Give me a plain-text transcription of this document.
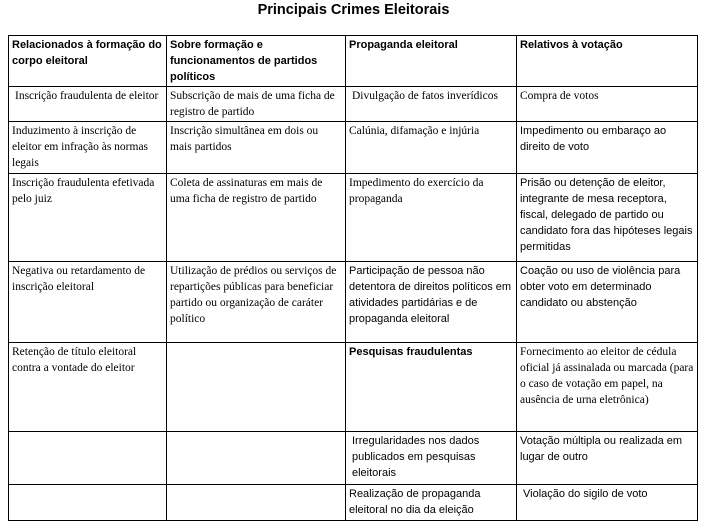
Principais Crimes Eleitorais
Relacionados à formação do corpo eleitoral	Sobre formação e funcionamentos de partidos políticos	Propaganda eleitoral	Relativos à votação
Inscrição fraudulenta de eleitor	Subscrição de mais de uma ficha de registro de partido	Divulgação de fatos inverídicos	Compra de votos
Induzimento à inscrição de eleitor em infração às normas legais	Inscrição simultânea em dois ou mais partidos	Calúnia, difamação e injúria	Impedimento ou embaraço ao direito de voto
Inscrição fraudulenta efetivada pelo juiz	Coleta de assinaturas em mais de uma ficha de registro de partido	Impedimento do exercício da propaganda	Prisão ou detenção de eleitor, integrante de mesa receptora, fiscal, delegado de partido ou candidato fora das hipóteses legais permitidas
Negativa ou retardamento de inscrição eleitoral	Utilização de prédios ou serviços de repartições públicas para beneficiar partido ou organização de caráter político	Participação de pessoa não detentora de direitos políticos em atividades partidárias e de propaganda eleitoral	Coação ou uso de violência para obter voto em determinado candidato ou abstenção
Retenção de título eleitoral contra a vontade do eleitor		Pesquisas fraudulentas	Fornecimento ao eleitor de cédula oficial já assinalada ou marcada (para o caso de votação em papel, na ausência de urna eletrônica)
		Irregularidades nos dados publicados em pesquisas eleitorais	Votação múltipla ou realizada em lugar de outro
		Realização de propaganda eleitoral no dia da eleição	Violação do sigilo de voto
